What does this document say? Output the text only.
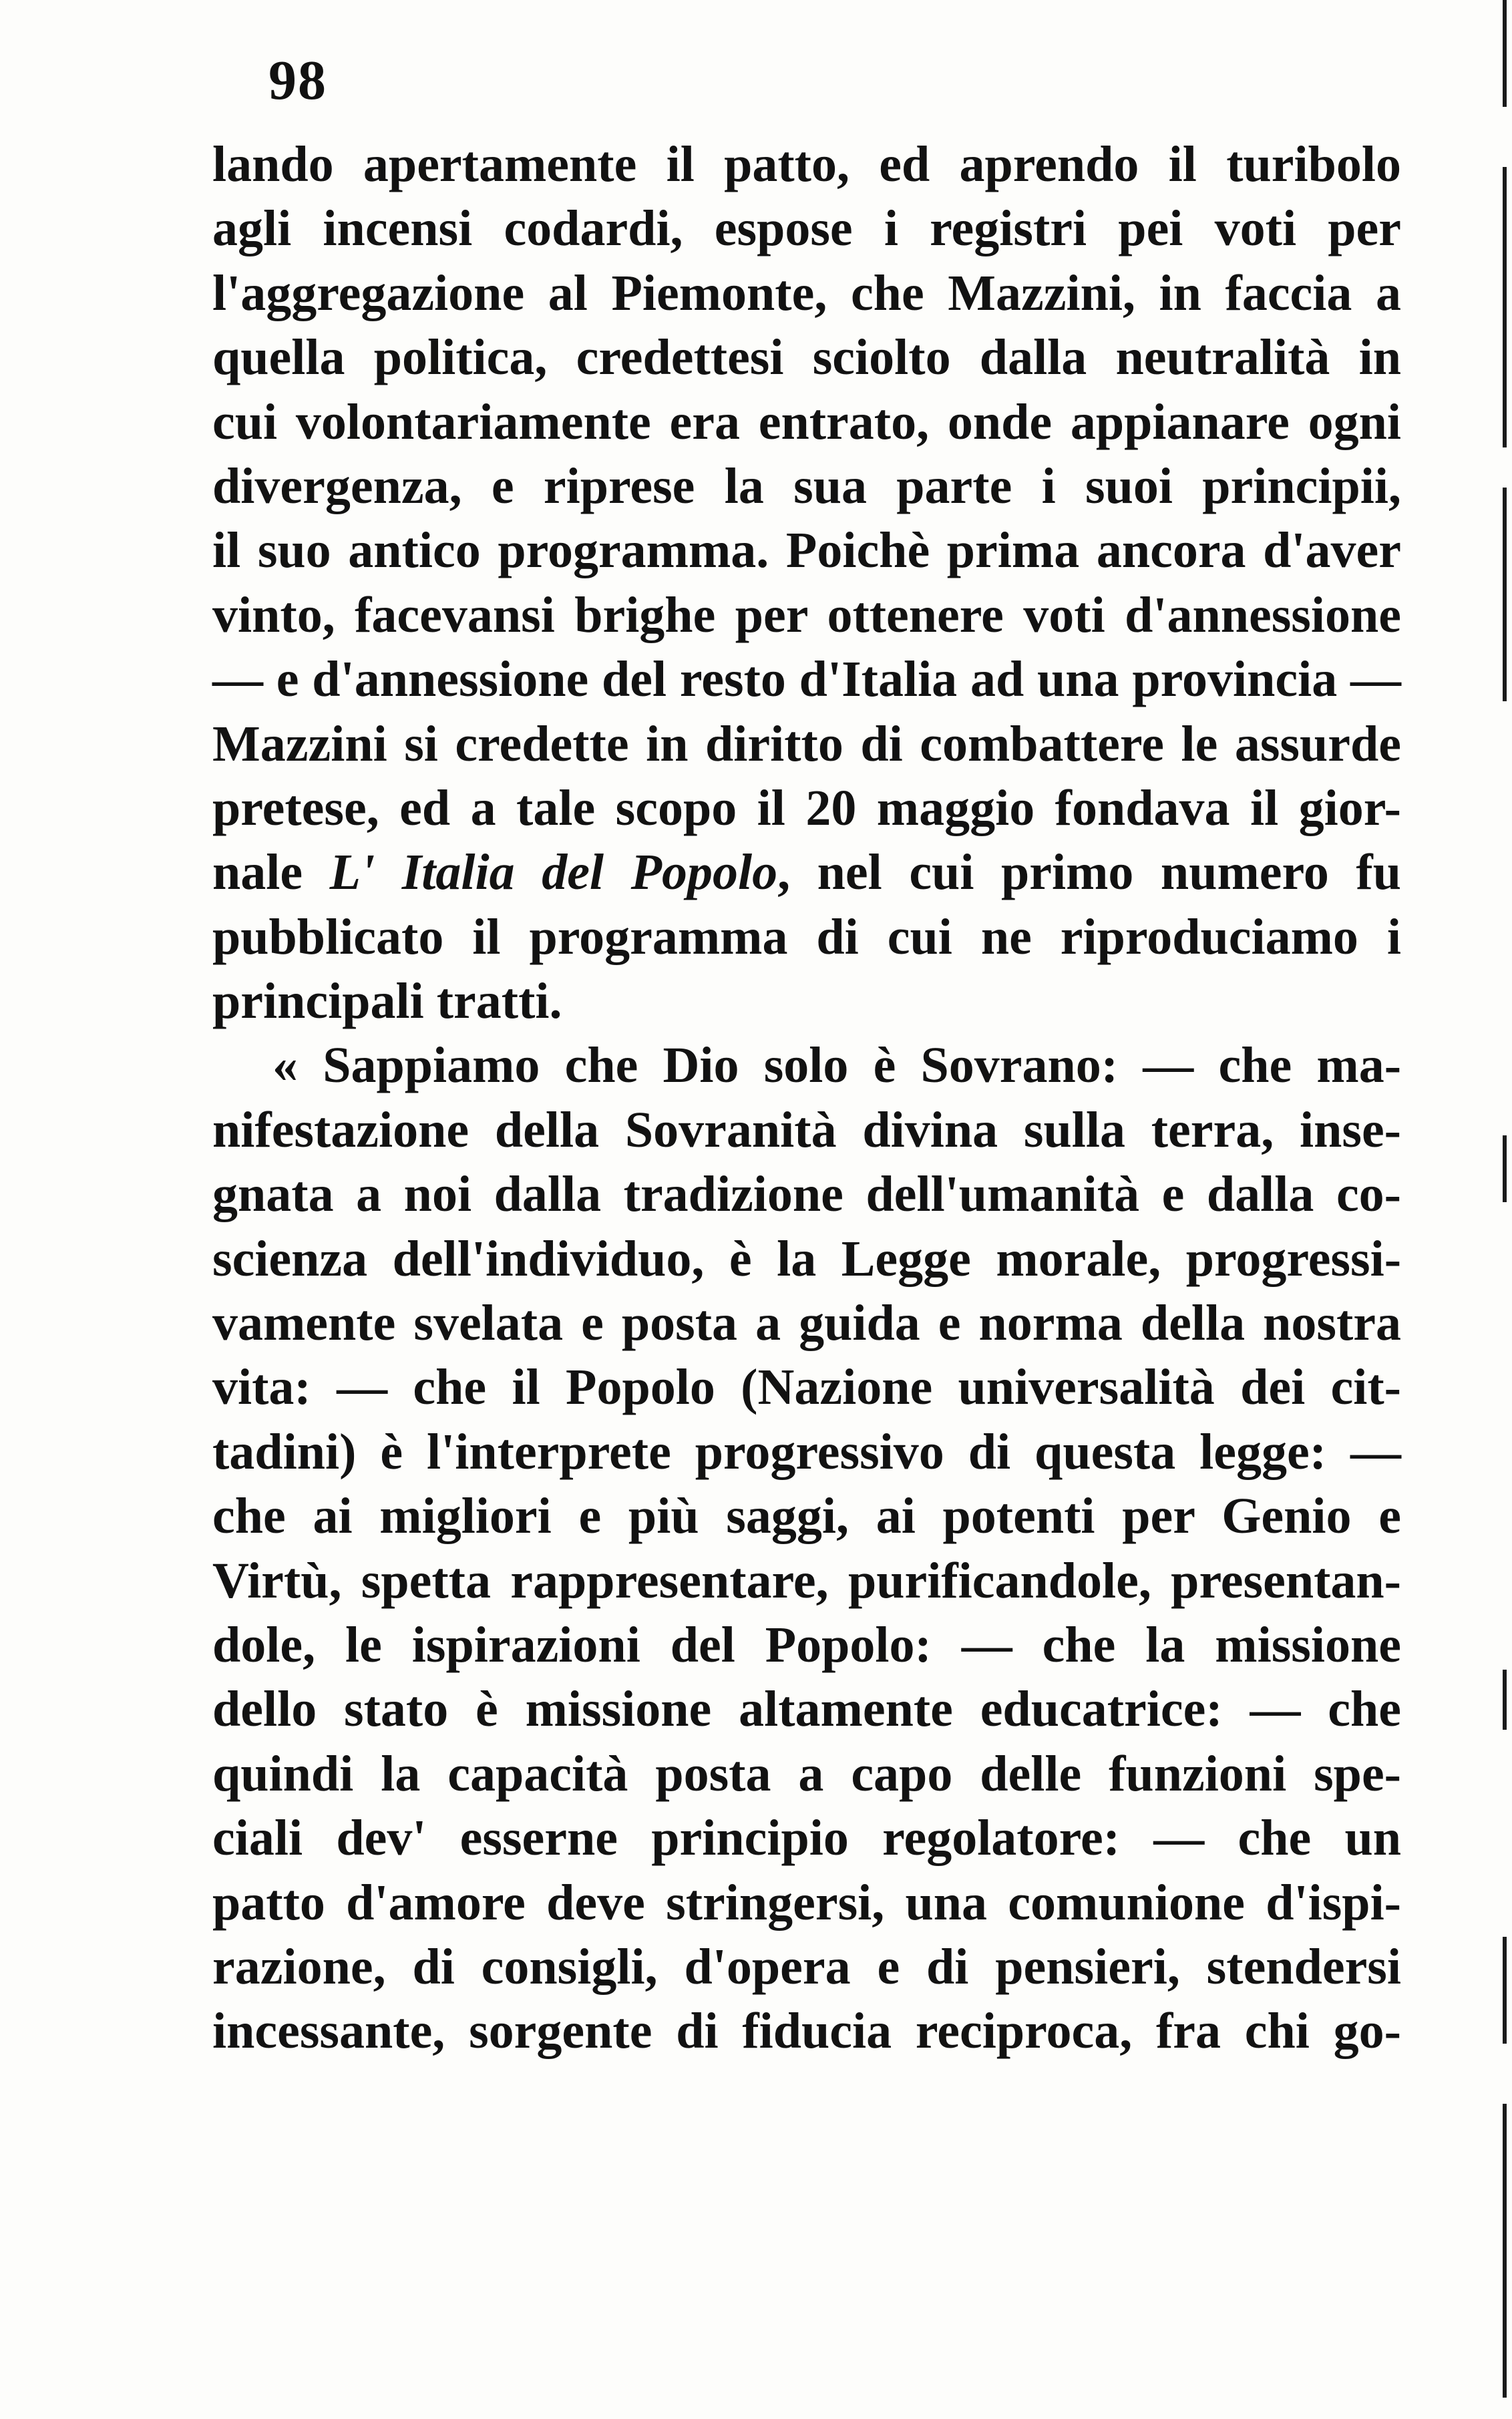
98
lando apertamente il patto, ed aprendo il turibolo
agli incensi codardi, espose i registri pei voti per
l'aggregazione al Piemonte, che Mazzini, in faccia a
quella politica, credettesi sciolto dalla neutralità in
cui volontariamente era entrato, onde appianare ogni
divergenza, e riprese la sua parte i suoi principii,
il suo antico programma. Poichè prima ancora d'aver
vinto, facevansi brighe per ottenere voti d'annessione
— e d'annessione del resto d'Italia ad una provincia —
Mazzini si credette in diritto di combattere le assurde
pretese, ed a tale scopo il 20 maggio fondava il gior-
nale L' Italia del Popolo, nel cui primo numero fu
pubblicato il programma di cui ne riproduciamo i
principali tratti.
« Sappiamo che Dio solo è Sovrano: — che ma-
nifestazione della Sovranità divina sulla terra, inse-
gnata a noi dalla tradizione dell'umanità e dalla co-
scienza dell'individuo, è la Legge morale, progressi-
vamente svelata e posta a guida e norma della nostra
vita: — che il Popolo (Nazione universalità dei cit-
tadini) è l'interprete progressivo di questa legge: —
che ai migliori e più saggi, ai potenti per Genio e
Virtù, spetta rappresentare, purificandole, presentan-
dole, le ispirazioni del Popolo: — che la missione
dello stato è missione altamente educatrice: — che
quindi la capacità posta a capo delle funzioni spe-
ciali dev' esserne principio regolatore: — che un
patto d'amore deve stringersi, una comunione d'ispi-
razione, di consigli, d'opera e di pensieri, stendersi
incessante, sorgente di fiducia reciproca, fra chi go-
